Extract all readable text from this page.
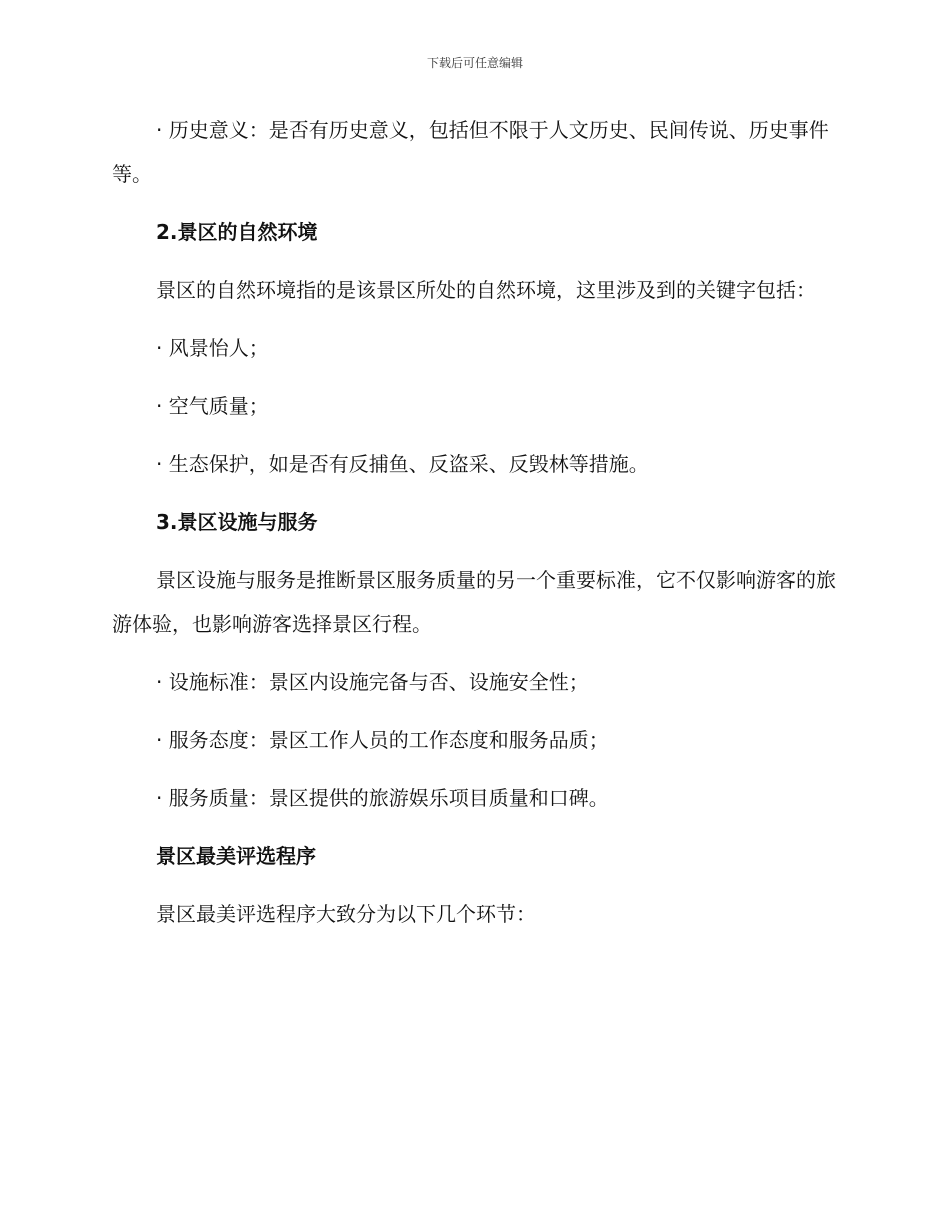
下载后可任意编辑

· 历史意义：是否有历史意义，包括但不限于人文历史、民间传说、历史事件等。

2.景区的自然环境

景区的自然环境指的是该景区所处的自然环境，这里涉及到的关键字包括：

· 风景怡人；

· 空气质量；

· 生态保护，如是否有反捕鱼、反盗采、反毁林等措施。

3.景区设施与服务

景区设施与服务是推断景区服务质量的另一个重要标准，它不仅影响游客的旅游体验，也影响游客选择景区行程。

· 设施标准：景区内设施完备与否、设施安全性；

· 服务态度：景区工作人员的工作态度和服务品质；

· 服务质量：景区提供的旅游娱乐项目质量和口碑。

景区最美评选程序

景区最美评选程序大致分为以下几个环节：
